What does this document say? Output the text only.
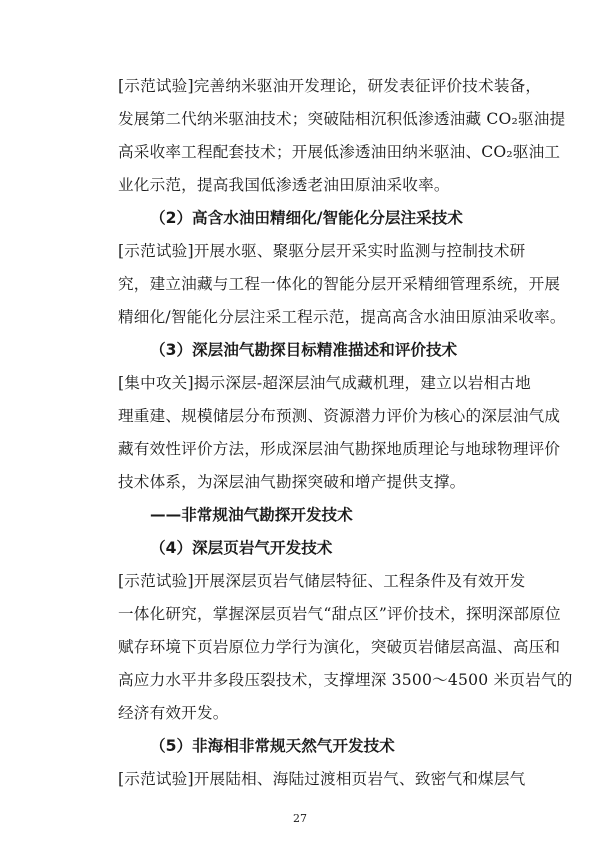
[示范试验]完善纳米驱油开发理论，研发表征评价技术装备，
发展第二代纳米驱油技术；突破陆相沉积低渗透油藏 CO₂驱油提
高采收率工程配套技术；开展低渗透油田纳米驱油、CO₂驱油工
业化示范，提高我国低渗透老油田原油采收率。
（2）高含水油田精细化/智能化分层注采技术
[示范试验]开展水驱、聚驱分层开采实时监测与控制技术研
究，建立油藏与工程一体化的智能分层开采精细管理系统，开展
精细化/智能化分层注采工程示范，提高高含水油田原油采收率。
（3）深层油气勘探目标精准描述和评价技术
[集中攻关]揭示深层-超深层油气成藏机理，建立以岩相古地
理重建、规模储层分布预测、资源潜力评价为核心的深层油气成
藏有效性评价方法，形成深层油气勘探地质理论与地球物理评价
技术体系，为深层油气勘探突破和增产提供支撑。
——非常规油气勘探开发技术
（4）深层页岩气开发技术
[示范试验]开展深层页岩气储层特征、工程条件及有效开发
一体化研究，掌握深层页岩气“甜点区”评价技术，探明深部原位
赋存环境下页岩原位力学行为演化，突破页岩储层高温、高压和
高应力水平井多段压裂技术，支撑埋深 3500～4500 米页岩气的
经济有效开发。
（5）非海相非常规天然气开发技术
[示范试验]开展陆相、海陆过渡相页岩气、致密气和煤层气
27
